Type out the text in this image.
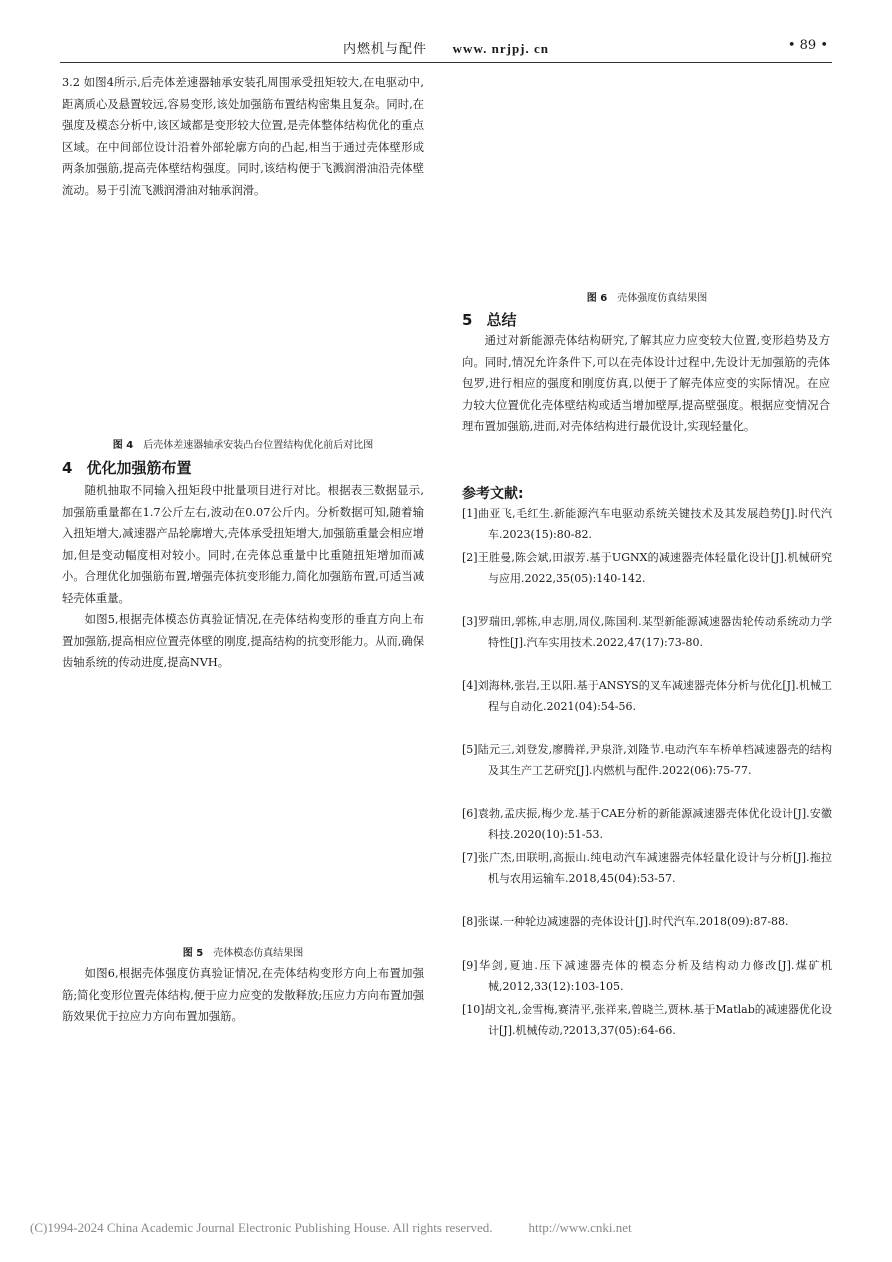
内燃机与配件 www. nrjpj. cn	• 89 •

3.2 如图4所示,后壳体差速器轴承安装孔周围承受扭矩较大,在电驱动中,距离质心及悬置较远,容易变形,该处加强筋布置结构密集且复杂。同时,在强度及模态分析中,该区域都是变形较大位置,是壳体整体结构优化的重点区域。在中间部位设计沿着外部轮廓方向的凸起,相当于通过壳体壁形成两条加强筋,提高壳体壁结构强度。同时,该结构便于飞溅润滑油沿壳体壁流动。易于引流飞溅润滑油对轴承润滑。

图 4 后壳体差速器轴承安装凸台位置结构优化前后对比图
4 优化加强筋布置

随机抽取不同输入扭矩段中批量项目进行对比。根据表三数据显示,加强筋重量都在1.7公斤左右,波动在0.07公斤内。分析数据可知,随着输入扭矩增大,减速器产品轮廓增大,壳体承受扭矩增大,加强筋重量会相应增加,但是变动幅度相对较小。同时,在壳体总重量中比重随扭矩增加而减小。合理优化加强筋布置,增强壳体抗变形能力,简化加强筋布置,可适当减轻壳体重量。

如图5,根据壳体模态仿真验证情况,在壳体结构变形的垂直方向上布置加强筋,提高相应位置壳体壁的刚度,提高结构的抗变形能力。从而,确保齿轴系统的传动进度,提高NVH。

图 5 壳体模态仿真结果图

如图6,根据壳体强度仿真验证情况,在壳体结构变形方向上布置加强筋;简化变形位置壳体结构,便于应力应变的发散释放;压应力方向布置加强筋效果优于拉应力方向布置加强筋。

图 6 壳体强度仿真结果图
5 总结

通过对新能源壳体结构研究,了解其应力应变较大位置,变形趋势及方向。同时,情况允许条件下,可以在壳体设计过程中,先设计无加强筋的壳体包罗,进行相应的强度和刚度仿真,以便于了解壳体应变的实际情况。在应力较大位置优化壳体壁结构或适当增加壁厚,提高壁强度。根据应变情况合理布置加强筋,进而,对壳体结构进行最优设计,实现轻量化。

参考文献:
[1]曲亚飞,毛红生.新能源汽车电驱动系统关键技术及其发展趋势[J].时代汽车.2023(15):80-82.
[2]王胜曼,陈会斌,田淑芳.基于UGNX的减速器壳体轻量化设计[J].机械研究与应用.2022,35(05):140-142.
[3]罗瑞田,郭栋,申志朋,周仪,陈国利.某型新能源减速器齿轮传动系统动力学特性[J].汽车实用技术.2022,47(17):73-80.
[4]刘海林,张岩,王以阳.基于ANSYS的叉车减速器壳体分析与优化[J].机械工程与自动化.2021(04):54-56.
[5]陆元三,刘登发,廖腾祥,尹泉浒,刘隆节.电动汽车车桥单档减速器壳的结构及其生产工艺研究[J].内燃机与配件.2022(06):75-77.
[6]袁勃,孟庆振,梅少龙.基于CAE分析的新能源减速器壳体优化设计[J].安徽科技.2020(10):51-53.
[7]张广杰,田联明,高振山.纯电动汽车减速器壳体轻量化设计与分析[J].拖拉机与农用运输车.2018,45(04):53-57.
[8]张谋.一种轮边减速器的壳体设计[J].时代汽车.2018(09):87-88.
[9]华剑,夏迪.压下减速器壳体的模态分析及结构动力修改[J].煤矿机械,2012,33(12):103-105.
[10]胡文礼,金雪梅,赛清平,张祥来,曾晓兰,贾林.基于Matlab的减速器优化设计[J].机械传动,?2013,37(05):64-66.
(C)1994-2024 China Academic Journal Electronic Publishing House. All rights reserved.	http://www.cnki.net
